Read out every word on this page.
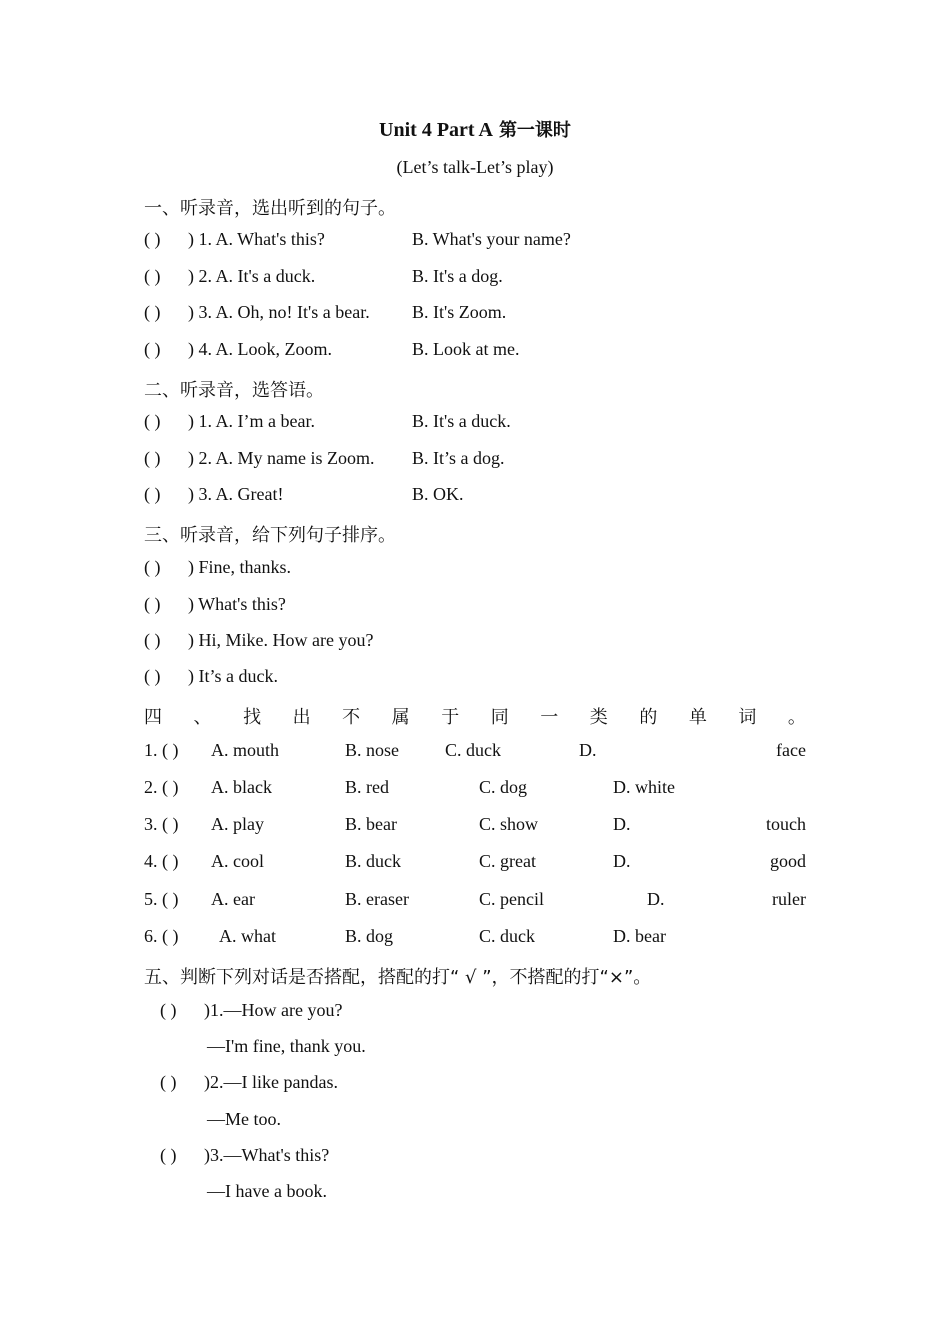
Unit 4 Part A 第一课时
(Let’s talk-Let’s play)
一、听录音，选出听到的句子。
( ) ) 1. A. What's this?	B. What's your name?
( ) ) 2. A. It's a duck.	B. It's a dog.
( ) ) 3. A. Oh, no! It's a bear. B. It's Zoom.
( ) ) 4. A. Look, Zoom.	B. Look at me.
二、听录音，选答语。
( ) ) 1. A. I’m a bear.	B. It's a duck.
( ) ) 2. A. My name is Zoom. B. It’s a dog.
( ) ) 3. A. Great!	B. OK.
三、听录音，给下列句子排序。
( ) ) Fine, thanks.
( ) ) What's this?
( ) ) Hi, Mike. How are you?
( ) ) It’s a duck.
四 、 找 出 不 属 于 同 一 类 的 单 词 。
1. ( ) A. mouth	B. nose	C. duck	D.	face
2. ( ) A. black	B. red	C. dog	D. white
3. ( ) A. play	B. bear	C. show	D.	touch
4. ( ) A. cool	B. duck	C. great	D.	good
5. ( ) A. ear	B. eraser	C. pencil	D.	ruler
6. ( ) A. what	B. dog	C. duck	D. bear
五、判断下列对话是否搭配，搭配的打“ √ ”，不搭配的打“×”。
( ) )1.—How are you?
—I'm fine, thank you.
( ) )2.—I like pandas.
—Me too.
( ) )3.—What's this?
—I have a book.
